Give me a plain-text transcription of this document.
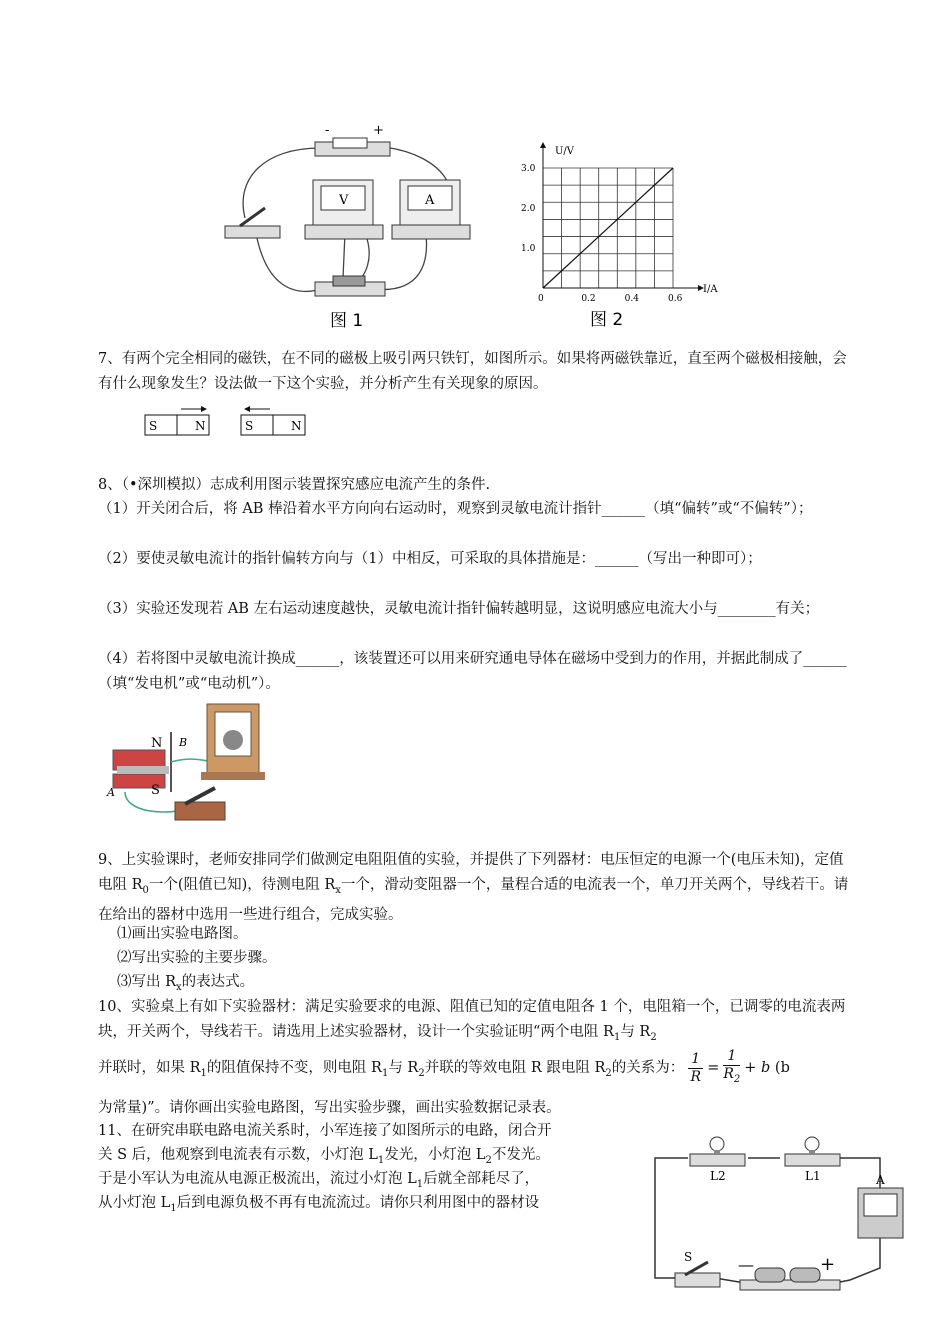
-	+
V	A
图 1
0	0.2	0.4	0.6
1.0
2.0
3.0
U/V
I/A
图 2

7、有两个完全相同的磁铁，在不同的磁极上吸引两只铁钉，如图所示。如果将两磁铁靠近，直至两个磁极相接触，会有什么现象发生？设法做一下这个实验，并分析产生有关现象的原因。

S	N	S	N

8、（•深圳模拟）志成利用图示装置探究感应电流产生的条件.

（1）开关闭合后，将 AB 棒沿着水平方向向右运动时，观察到灵敏电流计指针______（填“偏转”或“不偏转”）；

（2）要使灵敏电流计的指针偏转方向与（1）中相反，可采取的具体措施是：______（写出一种即可）；

（3）实验还发现若 AB 左右运动速度越快，灵敏电流计指针偏转越明显，这说明感应电流大小与________有关；

（4）若将图中灵敏电流计换成______，该装置还可以用来研究通电导体在磁场中受到力的作用，并据此制成了______（填“发电机”或“电动机”）。

N B
S
A

9、上实验课时，老师安排同学们做测定电阻阻值的实验，并提供了下列器材：电压恒定的电源一个(电压未知)，定值电阻 $R_0$一个(阻值已知)，待测电阻 $R_x$一个，滑动变阻器一个，量程合适的电流表一个，单刀开关两个，导线若干。请在给出的器材中选用一些进行组合，完成实验。

⑴画出实验电路图。

⑵写出实验的主要步骤。

⑶写出 $R_x$的表达式。

10、实验桌上有如下实验器材：满足实验要求的电源、阻值已知的定值电阻各 1 个，电阻箱一个，已调零的电流表两块，开关两个，导线若干。请选用上述实验器材，设计一个实验证明“两个电阻 $R_1$与 $R_2$

并联时，如果 $R_1$的阻值保持不变，则电阻 $R_1$与 $R_2$并联的等效电阻 R 跟电阻 $R_2$的关系为： $\frac{1}{R} = \frac{1}{R_2} + b$ (b

为常量)”。请你画出实验电路图，写出实验步骤，画出实验数据记录表。

11、在研究串联电路电流关系时，小军连接了如图所示的电路，闭合开

关 S 后，他观察到电流表有示数，小灯泡 $L_1$发光，小灯泡 $L_2$不发光。

于是小军认为电流从电源正极流出，流过小灯泡 $L_1$后就全部耗尽了，

从小灯泡 $L_1$后到电源负极不再有电流流过。请你只利用图中的器材设

L2	L1	A
S	—	+
